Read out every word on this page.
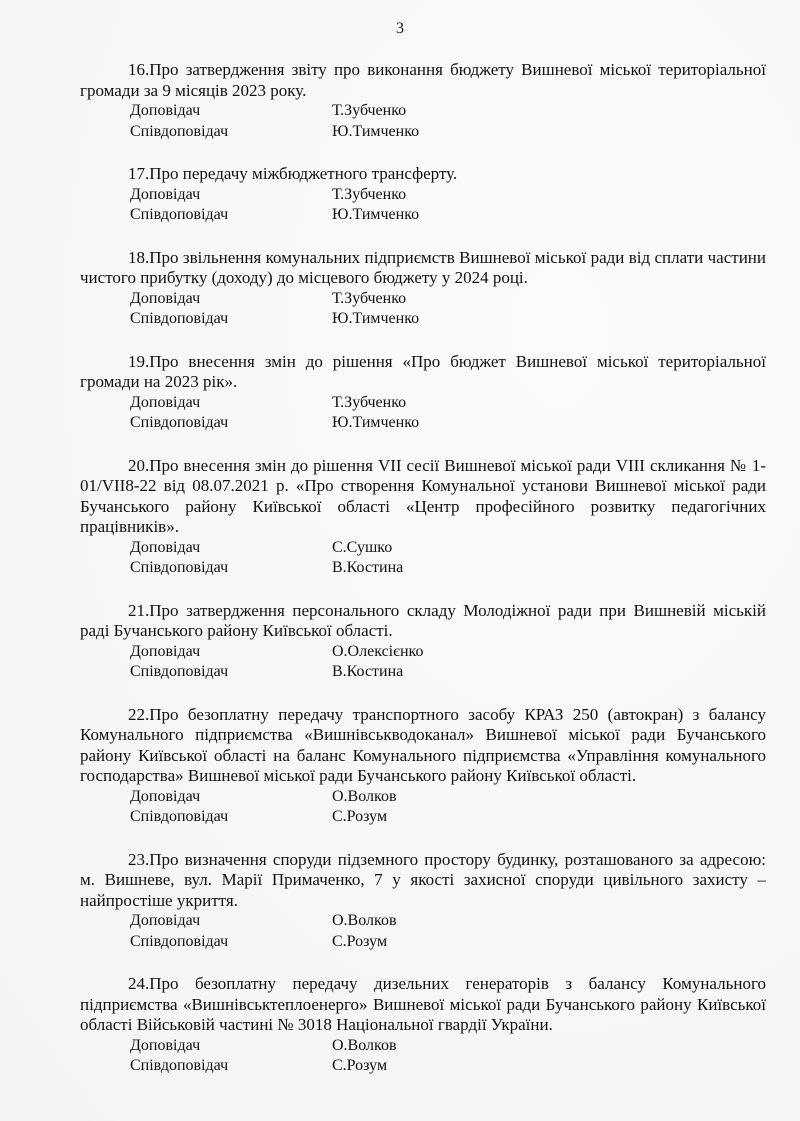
3

16.Про затвердження звіту про виконання бюджету Вишневої міської територіальної громади за 9 місяців 2023 року.

Доповідач	Т.Зубченко
Співдоповідач	Ю.Тимченко

17.Про передачу міжбюджетного трансферту.

Доповідач	Т.Зубченко
Співдоповідач	Ю.Тимченко

18.Про звільнення комунальних підприємств Вишневої міської ради від сплати частини чистого прибутку (доходу) до місцевого бюджету у 2024 році.

Доповідач	Т.Зубченко
Співдоповідач	Ю.Тимченко

19.Про внесення змін до рішення «Про бюджет Вишневої міської територіальної громади на 2023 рік».

Доповідач	Т.Зубченко
Співдоповідач	Ю.Тимченко

20.Про внесення змін до рішення VII сесії Вишневої міської ради VIII скликання № 1-01/VII8-22 від 08.07.2021 р. «Про створення Комунальної установи Вишневої міської ради Бучанського району Київської області «Центр професійного розвитку педагогічних працівників».

Доповідач	С.Сушко
Співдоповідач	В.Костина

21.Про затвердження персонального складу Молодіжної ради при Вишневій міській раді Бучанського району Київської області.

Доповідач	О.Олексієнко
Співдоповідач	В.Костина

22.Про безоплатну передачу транспортного засобу КРАЗ 250 (автокран) з балансу Комунального підприємства «Вишнівськводоканал» Вишневої міської ради Бучанського району Київської області на баланс Комунального підприємства «Управління комунального господарства» Вишневої міської ради Бучанського району Київської області.

Доповідач	О.Волков
Співдоповідач	С.Розум

23.Про визначення споруди підземного простору будинку, розташованого за адресою: м. Вишневе, вул. Марії Примаченко, 7 у якості захисної споруди цивільного захисту – найпростіше укриття.

Доповідач	О.Волков
Співдоповідач	С.Розум

24.Про безоплатну передачу дизельних генераторів з балансу Комунального підприємства «Вишнівськтеплоенерго» Вишневої міської ради Бучанського району Київської області Військовій частині № 3018 Національної гвардії України.

Доповідач	О.Волков
Співдоповідач	С.Розум
